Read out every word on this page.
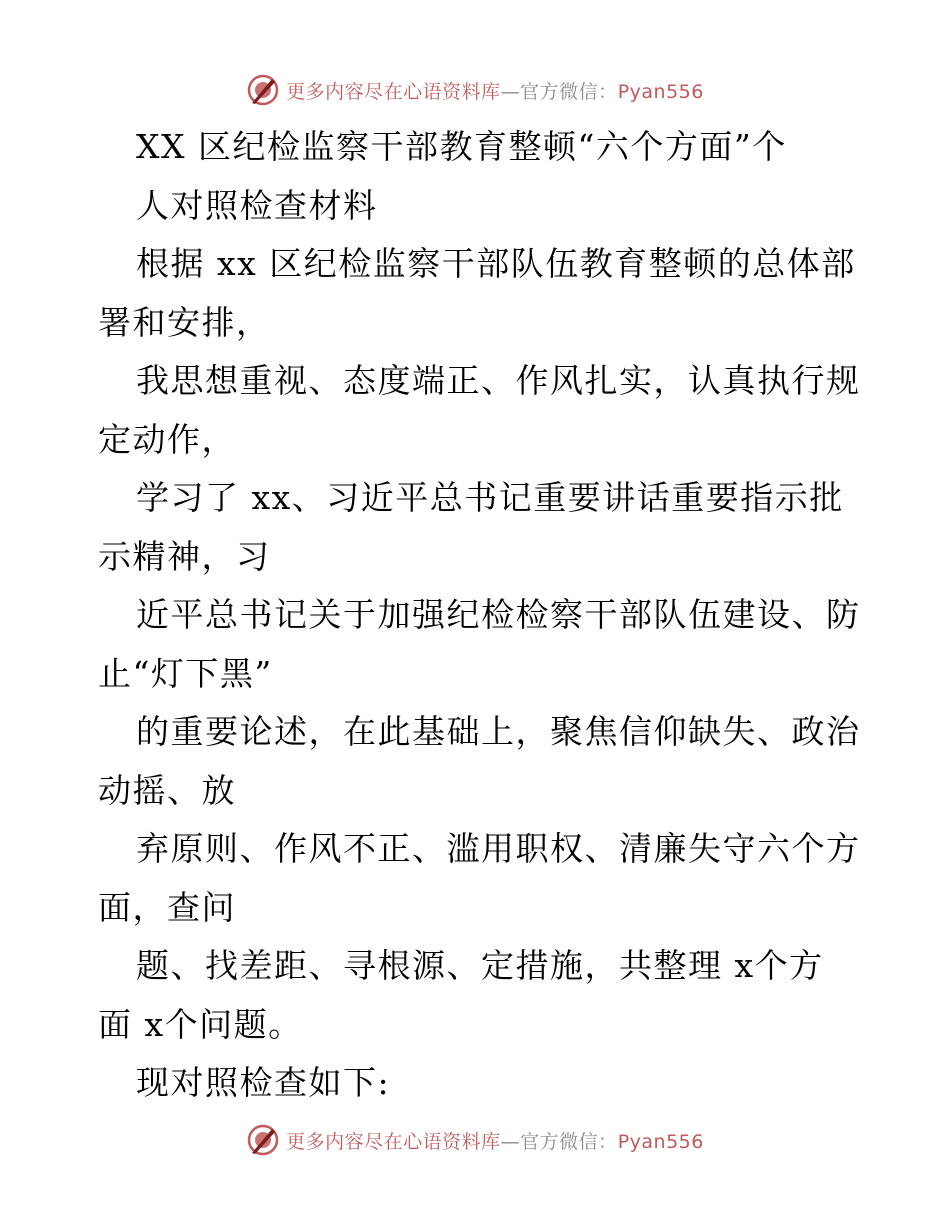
更多内容尽在心语资料库—官方微信：Pyan556
XX 区纪检监察干部教育整顿“六个方面”个
人对照检查材料
根据 xx 区纪检监察干部队伍教育整顿的总体部
署和安排，
我思想重视、态度端正、作风扎实，认真执行规
定动作，
学习了 xx、习近平总书记重要讲话重要指示批
示精神，习
近平总书记关于加强纪检检察干部队伍建设、防
止“灯下黑”
的重要论述，在此基础上，聚焦信仰缺失、政治
动摇、放
弃原则、作风不正、滥用职权、清廉失守六个方
面，查问
题、找差距、寻根源、定措施，共整理 x个方
面 x个问题。
现对照检查如下:
更多内容尽在心语资料库—官方微信：Pyan556
